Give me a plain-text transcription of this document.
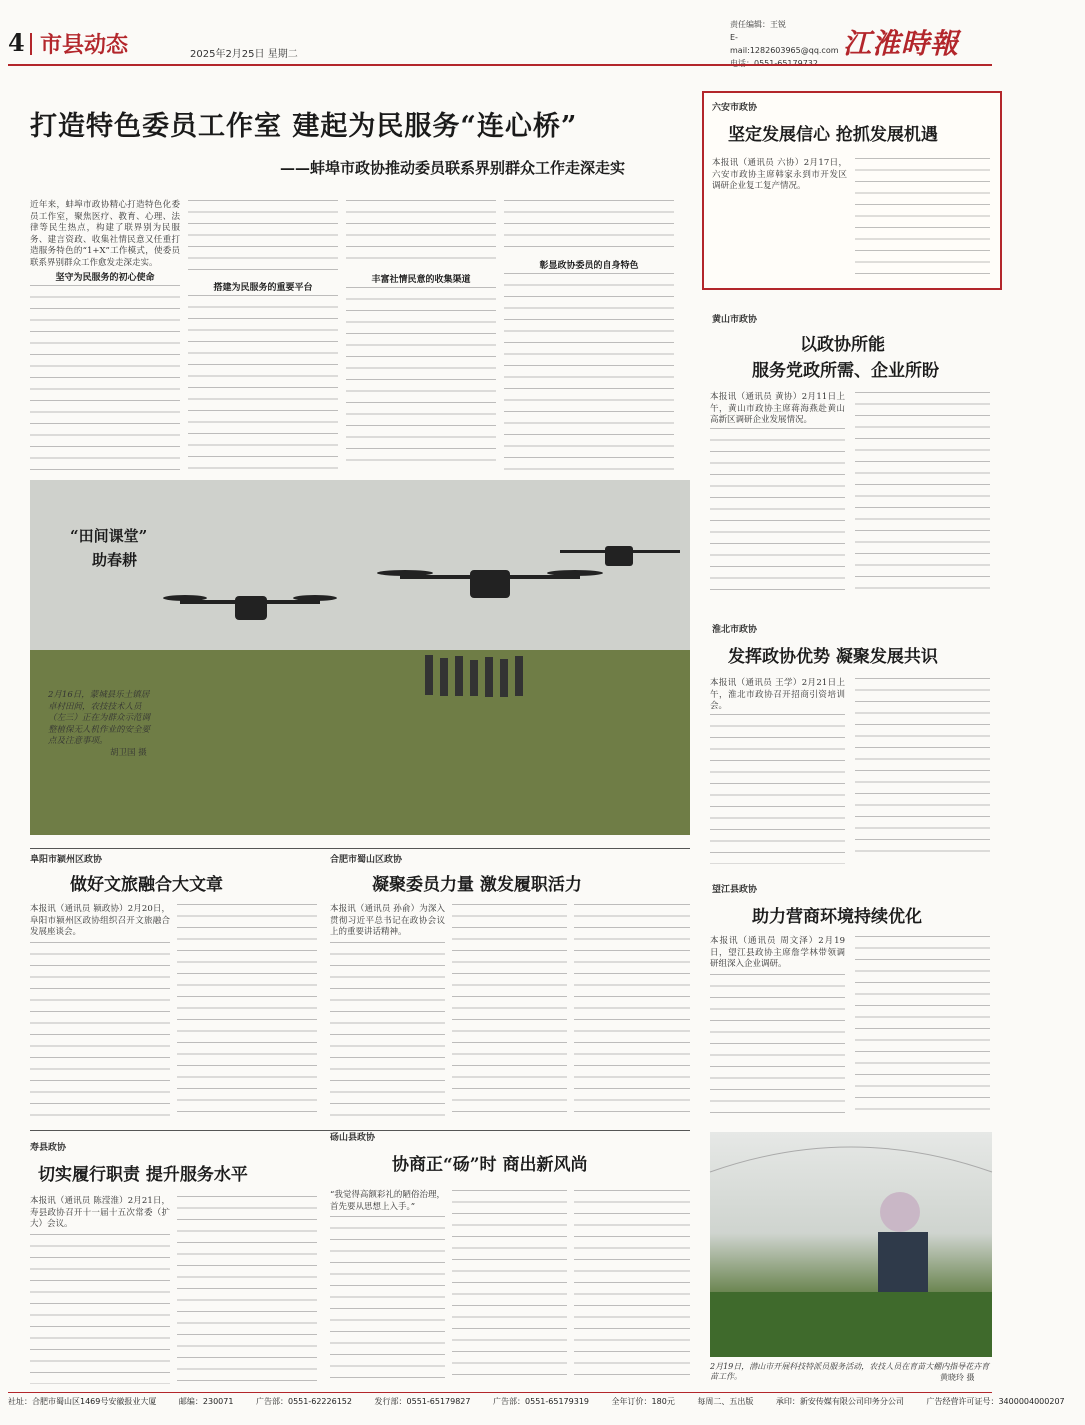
4 市县动态	2025年2月25日 星期二
责任编辑：王锐
E-mail:1282603965@qq.com 江淮時報
打造特色委员工作室 建起为民服务“连心桥”
——蚌埠市政协推动委员联系界别群众工作走深走实
近年来，蚌埠市政协精心打造特色化委员工作室，聚焦医疗、教育、心理、法律等民生热点，构建了联界别为民服务、建言资政、收集社情民意又任重打造服务特色的“1+X”工作模式，使委员联系界别群众工作愈发走深走实。
坚守为民服务的初心使命
搭建为民服务的重要平台
丰富社情民意的收集渠道
彰显政协委员的自身特色
“田间课堂”
助春耕
2月16日，蒙城县乐土镇居卓村田间，农技技术人员（左三）正在为群众示范调整植保无人机作业的安全要点及注意事项。
胡卫国 摄
六安市政协
坚定发展信心 抢抓发展机遇
本报讯（通讯员 六协）2月17日，六安市政协主席韩家永到市开发区调研企业复工复产情况。
黄山市政协
以政协所能
服务党政所需、企业所盼
本报讯（通讯员 黄协）2月11日上午，黄山市政协主席蒋海燕赴黄山高新区调研企业发展情况。
淮北市政协
发挥政协优势 凝聚发展共识
本报讯（通讯员 王学）2月21日上午，淮北市政协召开招商引资培训会。
阜阳市颍州区政协
做好文旅融合大文章
本报讯（通讯员 颍政协）2月20日，阜阳市颍州区政协组织召开文旅融合发展座谈会。
合肥市蜀山区政协
凝聚委员力量 激发履职活力
本报讯（通讯员 孙俞）为深入贯彻习近平总书记在政协会议上的重要讲话精神。
望江县政协
助力营商环境持续优化
本报讯（通讯员 周文泽）2月19日，望江县政协主席詹学林带领调研组深入企业调研。
寿县政协
切实履行职责 提升服务水平
本报讯（通讯员 陈滢淮）2月21日，寿县政协召开十一届十五次常委（扩大）会议。
砀山县政协
协商正“砀”时 商出新风尚
“我觉得高额彩礼的陋俗治理，首先要从思想上入手。”
2月19日，潜山市开展科技特派员服务活动，农技人员在育苗大棚内指导花卉育苗工作。	黄晓玲 摄
社址：合肥市蜀山区1469号安徽报业大厦	邮编：230071	广告部：0551-62226152	发行部：0551-65179827	广告部：0551-65179319	全年订价：180元	每周二、五出版	承印：新安传媒有限公司印务分公司	广告经营许可证号：3400004000207
